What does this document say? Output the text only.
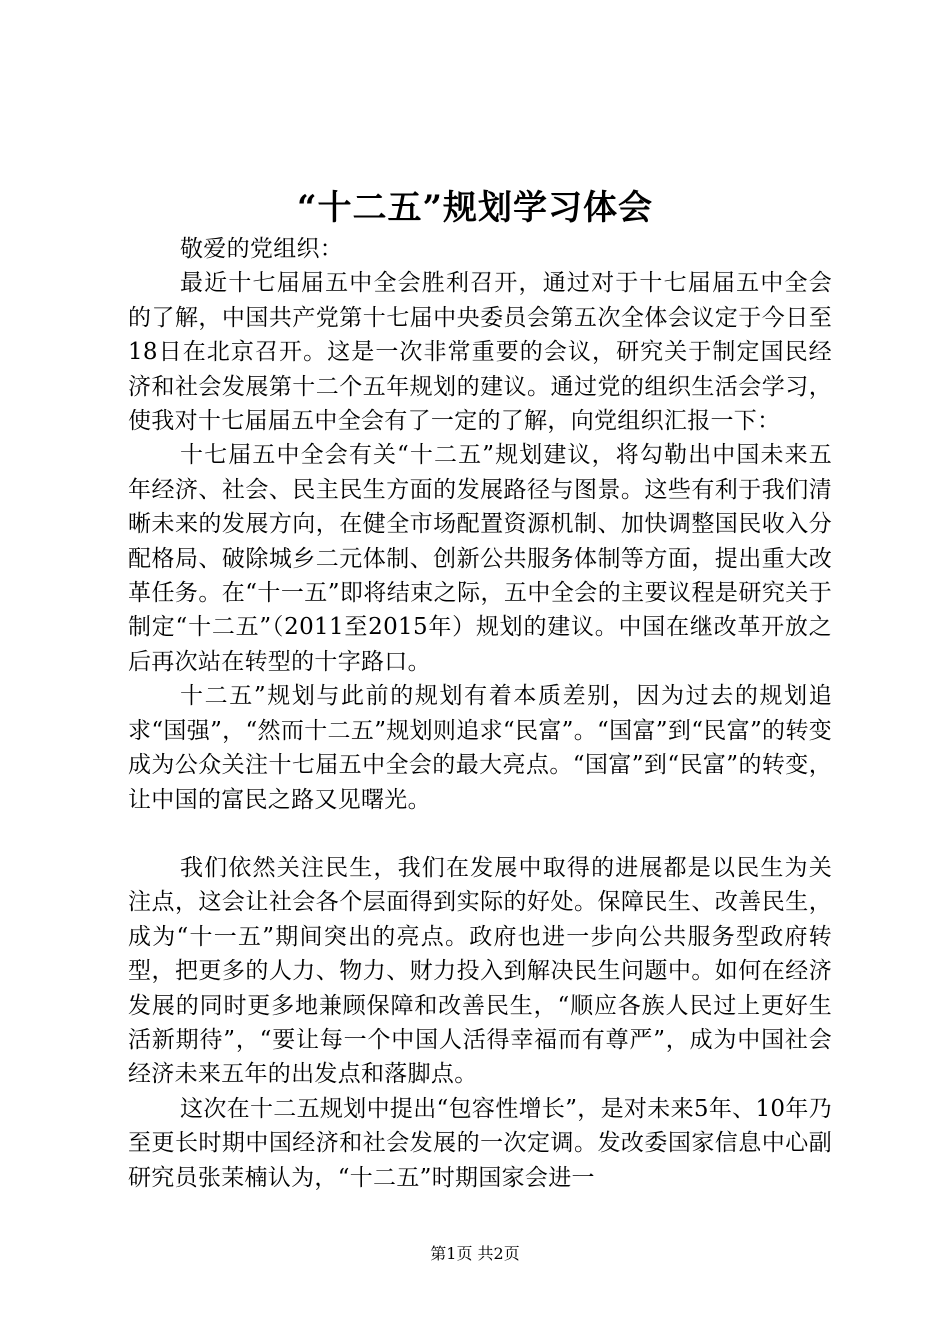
“十二五”规划学习体会

敬爱的党组织：

最近十七届届五中全会胜利召开，通过对于十七届届五中全会的了解，中国共产党第十七届中央委员会第五次全体会议定于今日至18日在北京召开。这是一次非常重要的会议，研究关于制定国民经济和社会发展第十二个五年规划的建议。通过党的组织生活会学习，使我对十七届届五中全会有了一定的了解，向党组织汇报一下：

十七届五中全会有关“十二五”规划建议，将勾勒出中国未来五年经济、社会、民主民生方面的发展路径与图景。这些有利于我们清晰未来的发展方向，在健全市场配置资源机制、加快调整国民收入分配格局、破除城乡二元体制、创新公共服务体制等方面，提出重大改革任务。在“十一五”即将结束之际，五中全会的主要议程是研究关于制定“十二五”（2011至2015年）规划的建议。中国在继改革开放之后再次站在转型的十字路口。

十二五”规划与此前的规划有着本质差别，因为过去的规划追求“国强”，“然而十二五”规划则追求“民富”。“国富”到“民富”的转变成为公众关注十七届五中全会的最大亮点。“国富”到“民富”的转变，让中国的富民之路又见曙光。

我们依然关注民生，我们在发展中取得的进展都是以民生为关注点，这会让社会各个层面得到实际的好处。保障民生、改善民生，成为“十一五”期间突出的亮点。政府也进一步向公共服务型政府转型，把更多的人力、物力、财力投入到解决民生问题中。如何在经济发展的同时更多地兼顾保障和改善民生，“顺应各族人民过上更好生活新期待”，“要让每一个中国人活得幸福而有尊严”，成为中国社会经济未来五年的出发点和落脚点。

这次在十二五规划中提出“包容性增长”，是对未来5年、10年乃至更长时期中国经济和社会发展的一次定调。发改委国家信息中心副研究员张茉楠认为，“十二五”时期国家会进一

第1页 共2页
